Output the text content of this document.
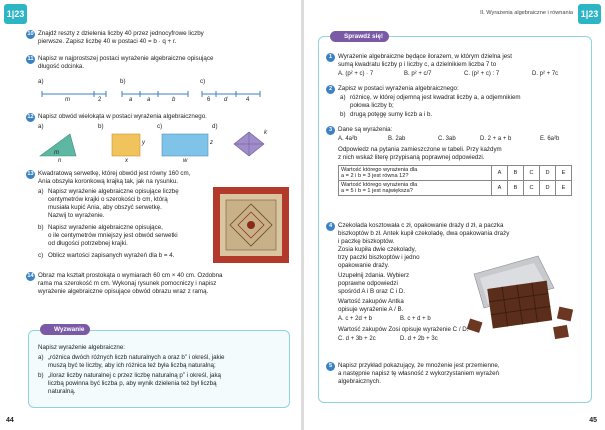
1|23
10 Znajdź reszty z dzielenia liczby 40 przez jednocyfrowe liczby
pierwsze. Zapisz liczbę 40 w postaci 40 = b · q + r.
11 Napisz w najprostszej postaci wyrażenie algebraiczne opisujące
długość odcinka.
a)	b)	c)
m	2	a a	b	6 d	4
12 Napisz obwód wielokąta w postaci wyrażenia algebraicznego.
a)	b)	c)	d)
m
n
y
x
z
w
k
13 Kwadratową serwetkę, której obwód jest równy 160 cm,
Ania obszyła koronkową krajką tak, jak na rysunku.
a) Napisz wyrażenie algebraiczne opisujące liczbę
centymetrów krajki o szerokości b cm, którą
musiała kupić Ania, aby obszyć serwetkę.
Nazwij to wyrażenie.
b) Napisz wyrażenie algebraiczne opisujące,
o ile centymetrów mniejszy jest obwód serwetki
od długości potrzebnej krajki.
c) Oblicz wartości zapisanych wyrażeń dla b = 4.
14 Obraz ma kształt prostokąta o wymiarach 60 cm × 40 cm. Ozdobna
rama ma szerokość m cm. Wykonaj rysunek pomocniczy i napisz
wyrażenie algebraiczne opisujące obwód obrazu wraz z ramą.
Wyzwanie
Napisz wyrażenie algebraiczne:
a) „różnica dwóch różnych liczb naturalnych a oraz b” i określ, jakie
muszą być te liczby, aby ich różnica też była liczbą naturalną;
b) „iloraz liczby naturalnej c przez liczbę naturalną p” i określ, jaką
liczbą powinna być liczba p, aby wynik dzielenia też był liczbą
naturalną.
44
II. Wyrażenia algebraiczne i równania 1|23
Sprawdź się!
1 Wyrażenie algebraiczne będące ilorazem, w którym dzielna jest
sumą kwadratu liczby p i liczby c, a dzielnikiem liczba 7 to
A. (p² + c) · 7	B. p² + c/7	C. (p² + c) : 7	D. p² + 7c
2 Zapisz w postaci wyrażenia algebraicznego:
a) różnicę, w której odjemną jest kwadrat liczby a, a odjemnikiem
połowa liczby b;
b) drugą potęgę sumy liczb a i b.
3 Dane są wyrażenia:
A. 4a²b	B. 2ab	C. 3ab	D. 2 + a + b	E. 6a²b
Odpowiedz na pytania zamieszczone w tabeli. Przy każdym
z nich wskaż literę przypisaną poprawnej odpowiedzi.
Wartość którego wyrażenia dla
a = 2 i b = 3 jest równa 12?	A	B	C	D	E

Wartość którego wyrażenia dla
a = 5 i b = 1 jest największa?	A	B	C	D	E
4 Czekolada kosztowała c zł, opakowanie draży d zł, a paczka
biszkoptów b zł. Antek kupił czekoladę, dwa opakowania draży
i paczkę biszkoptów.
Zosia kupiła dwie czekolady,
trzy paczki biszkoptów i jedno
opakowanie draży.
Uzupełnij zdania. Wybierz
poprawne odpowiedzi
spośród A i B oraz C i D.
Wartość zakupów Antka
opisuje wyrażenie A / B.
A. c + 2d + b	B. c + d + b
Wartość zakupów Zosi opisuje wyrażenie C / D.
C. d + 3b + 2c	D. d + 2b + 3c
5 Napisz przykład pokazujący, że mnożenie jest przemienne,
a następnie napisz tę własność z wykorzystaniem wyrażeń
algebraicznych.
45
